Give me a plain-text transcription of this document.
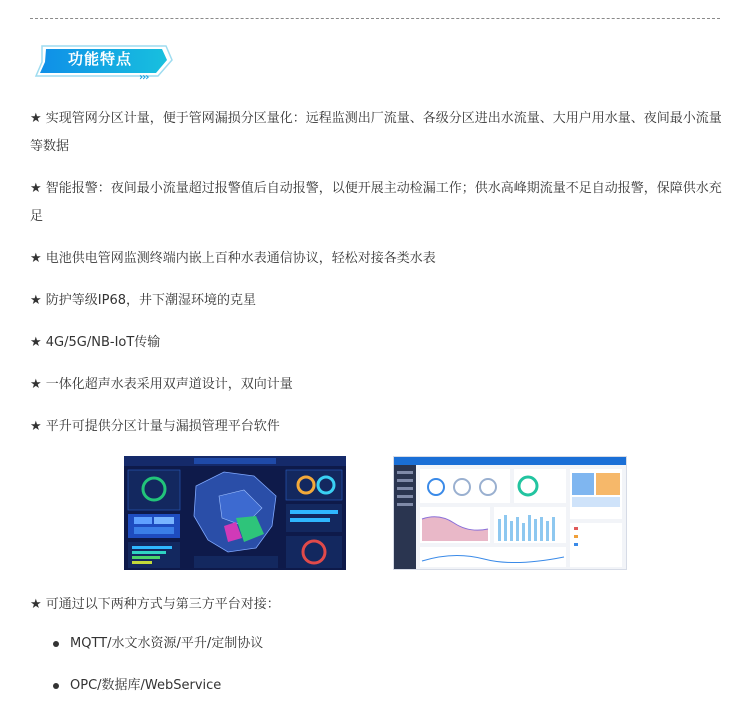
功能特点
›››

★ 实现管网分区计量，便于管网漏损分区量化：远程监测出厂流量、各级分区进出水流量、大用户用水量、夜间最小流量等数据

★ 智能报警：夜间最小流量超过报警值后自动报警，以便开展主动检漏工作；供水高峰期流量不足自动报警，保障供水充足

★ 电池供电管网监测终端内嵌上百种水表通信协议，轻松对接各类水表

★ 防护等级IP68，井下潮湿环境的克星

★ 4G/5G/NB-IoT传输

★ 一体化超声水表采用双声道设计，双向计量

★ 平升可提供分区计量与漏损管理平台软件

★ 可通过以下两种方式与第三方平台对接：
MQTT/水文水资源/平升/定制协议
OPC/数据库/WebService
